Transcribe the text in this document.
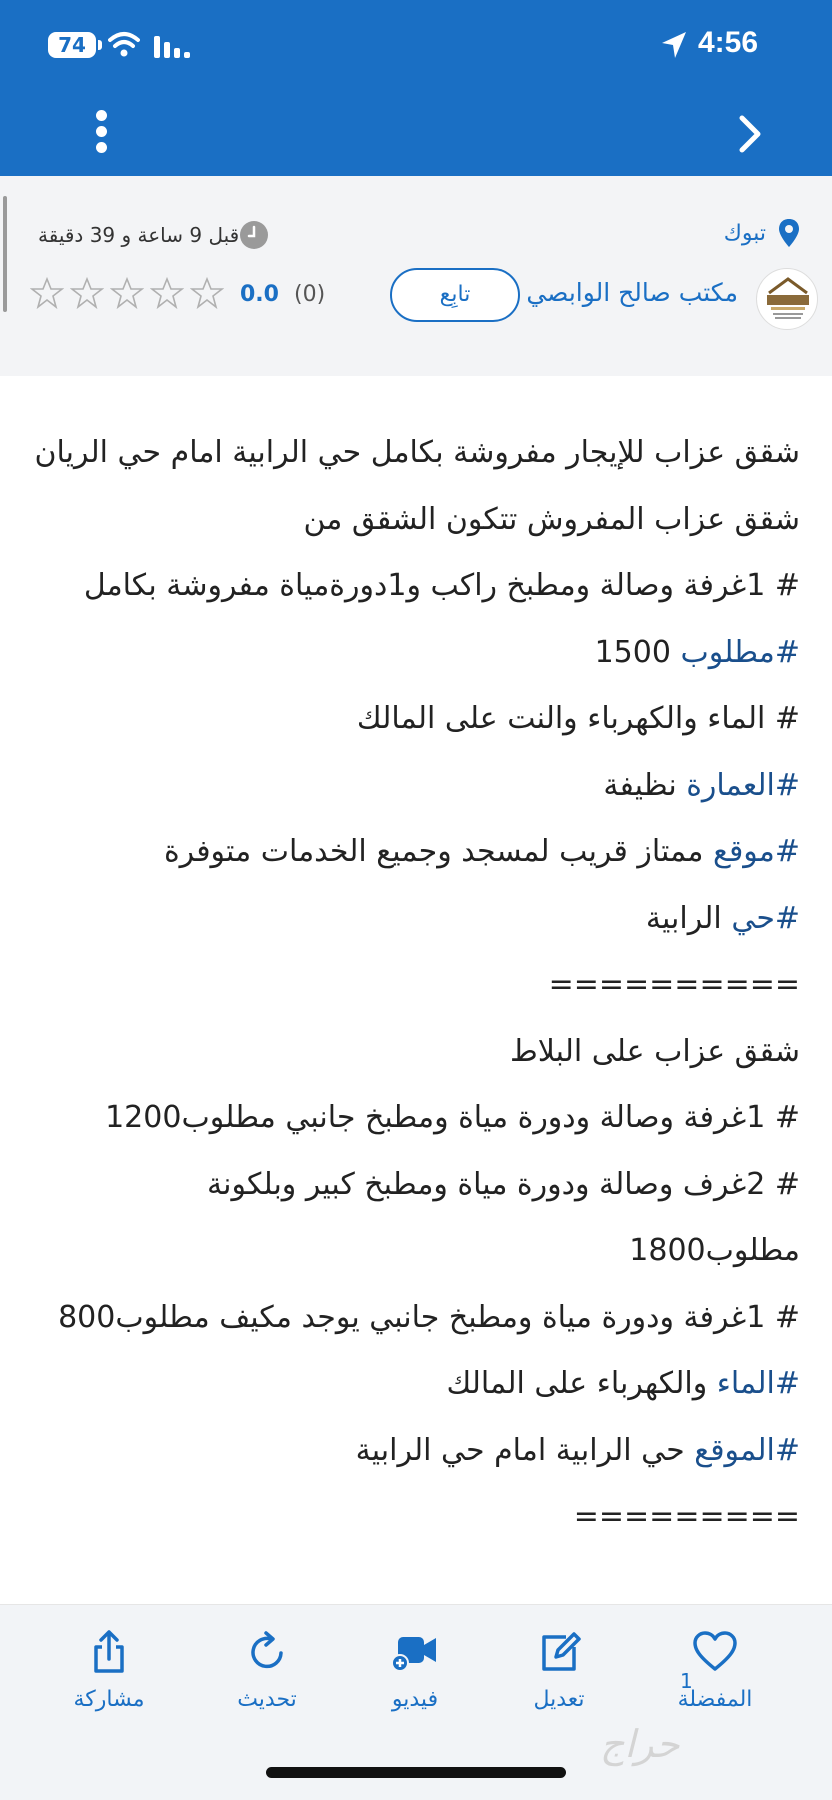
74	4:56
تبوك
قبل 9 ساعة و 39 دقيقة
مكتب صالح الوابصي
تابِع
(0)
0.0
شقق عزاب للإيجار مفروشة بكامل حي الرابية امام حي الريان
شقق عزاب المفروش تتكون الشقق من
# 1غرفة وصالة ومطبخ راكب و1دورةمياة مفروشة بكامل
#مطلوب 1500
# الماء والكهرباء والنت على المالك
#العمارة نظيفة
#موقع ممتاز قريب لمسجد وجميع الخدمات متوفرة
#حي الرابية
==========
شقق عزاب على البلاط
# 1غرفة وصالة ودورة مياة ومطبخ جانبي مطلوب1200
# 2غرف وصالة ودورة مياة ومطبخ كبير وبلكونة
مطلوب1800
# 1غرفة ودورة مياة ومطبخ جانبي يوجد مكيف مطلوب800
#الماء والكهرباء على المالك
#الموقع حي الرابية امام حي الرابية
=========
1
المفضلة
تعديل
فيديو
تحديث
مشاركة
حراج
